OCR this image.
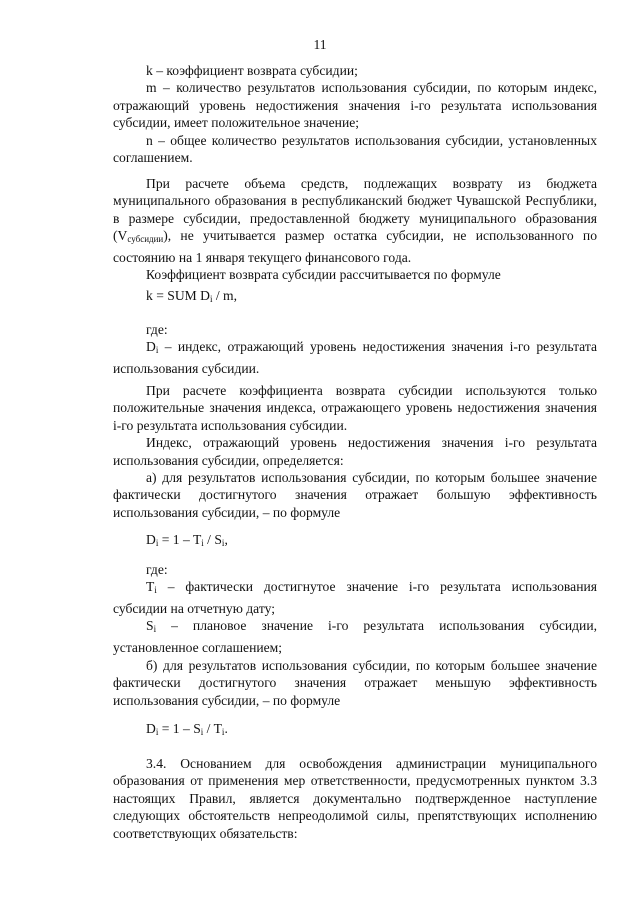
11

k – коэффициент возврата субсидии;

m – количество результатов использования субсидии, по которым индекс, отражающий уровень недостижения значения i-го результата использования субсидии, имеет положительное значение;

n – общее количество результатов использования субсидии, установленных соглашением.

При расчете объема средств, подлежащих возврату из бюджета муниципального образования в республиканский бюджет Чувашской Республики, в размере субсидии, предоставленной бюджету муниципального образования $(V_{субсидии})$, не учитывается размер остатка субсидии, не использованного по состоянию на 1 января текущего финансового года.

Коэффициент возврата субсидии рассчитывается по формуле

k = SUM $D_i$ / m,

где:

$D_i$ – индекс, отражающий уровень недостижения значения i-го результата использования субсидии.

При расчете коэффициента возврата субсидии используются только положительные значения индекса, отражающего уровень недостижения значения i-го результата использования субсидии.

Индекс, отражающий уровень недостижения значения i-го результата использования субсидии, определяется:

а) для результатов использования субсидии, по которым большее значение фактически достигнутого значения отражает большую эффективность использования субсидии, – по формуле

$D_i = 1 - T_i / S_i$,

где:

$T_i$ – фактически достигнутое значение i-го результата использования субсидии на отчетную дату;

$S_i$ – плановое значение i-го результата использования субсидии, установленное соглашением;

б) для результатов использования субсидии, по которым большее значение фактически достигнутого значения отражает меньшую эффективность использования субсидии, – по формуле

$D_i = 1 - S_i / T_i$.

3.4. Основанием для освобождения администрации муниципального образования от применения мер ответственности, предусмотренных пунктом 3.3 настоящих Правил, является документально подтвержденное наступление следующих обстоятельств непреодолимой силы, препятствующих исполнению соответствующих обязательств:
